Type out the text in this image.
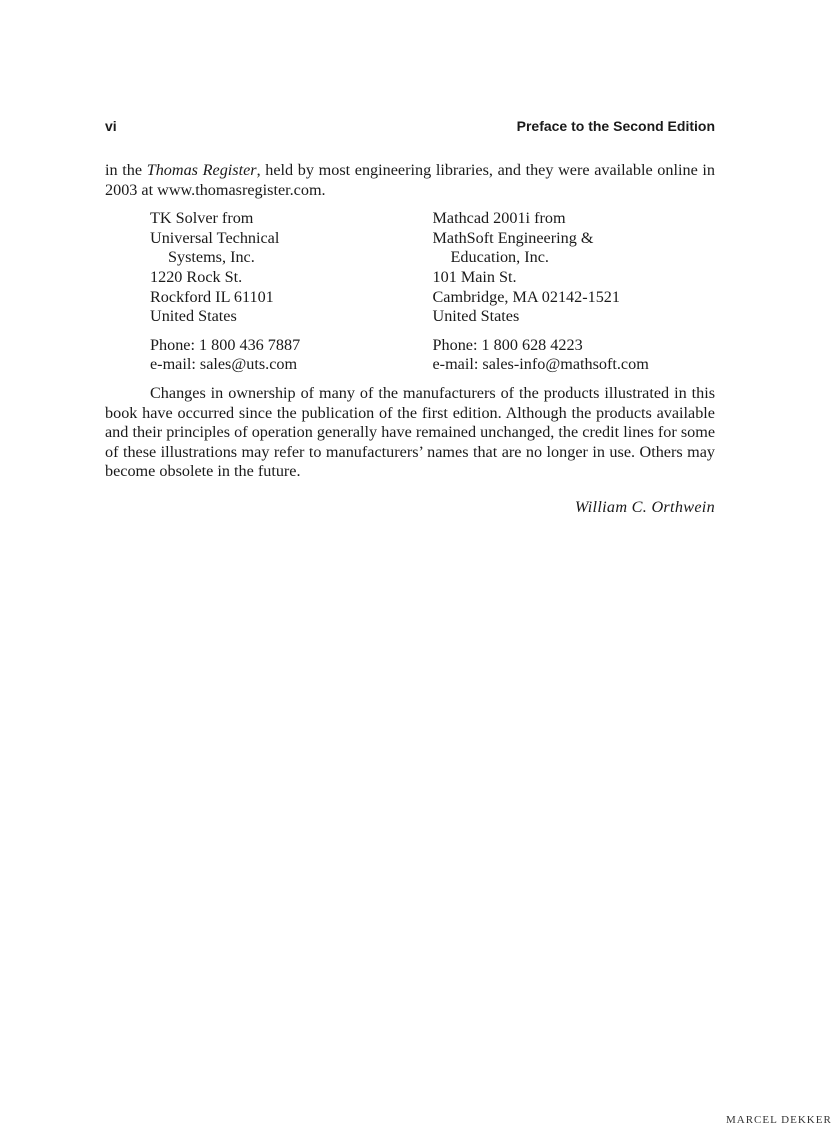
vi	Preface to the Second Edition

in the Thomas Register, held by most engineering libraries, and they were available online in 2003 at www.thomasregister.com.

TK Solver from
Universal Technical
Systems, Inc.
1220 Rock St.
Rockford IL 61101
United States
Phone: 1 800 436 7887
e-mail: sales@uts.com
Mathcad 2001i from
MathSoft Engineering &
Education, Inc.
101 Main St.
Cambridge, MA 02142-1521
United States
Phone: 1 800 628 4223
e-mail: sales-info@mathsoft.com

Changes in ownership of many of the manufacturers of the products illustrated in this book have occurred since the publication of the first edition. Although the products available and their principles of operation generally have remained unchanged, the credit lines for some of these illustrations may refer to manufacturers’ names that are no longer in use. Others may become obsolete in the future.

William C. Orthwein
MARCEL DEKKER
